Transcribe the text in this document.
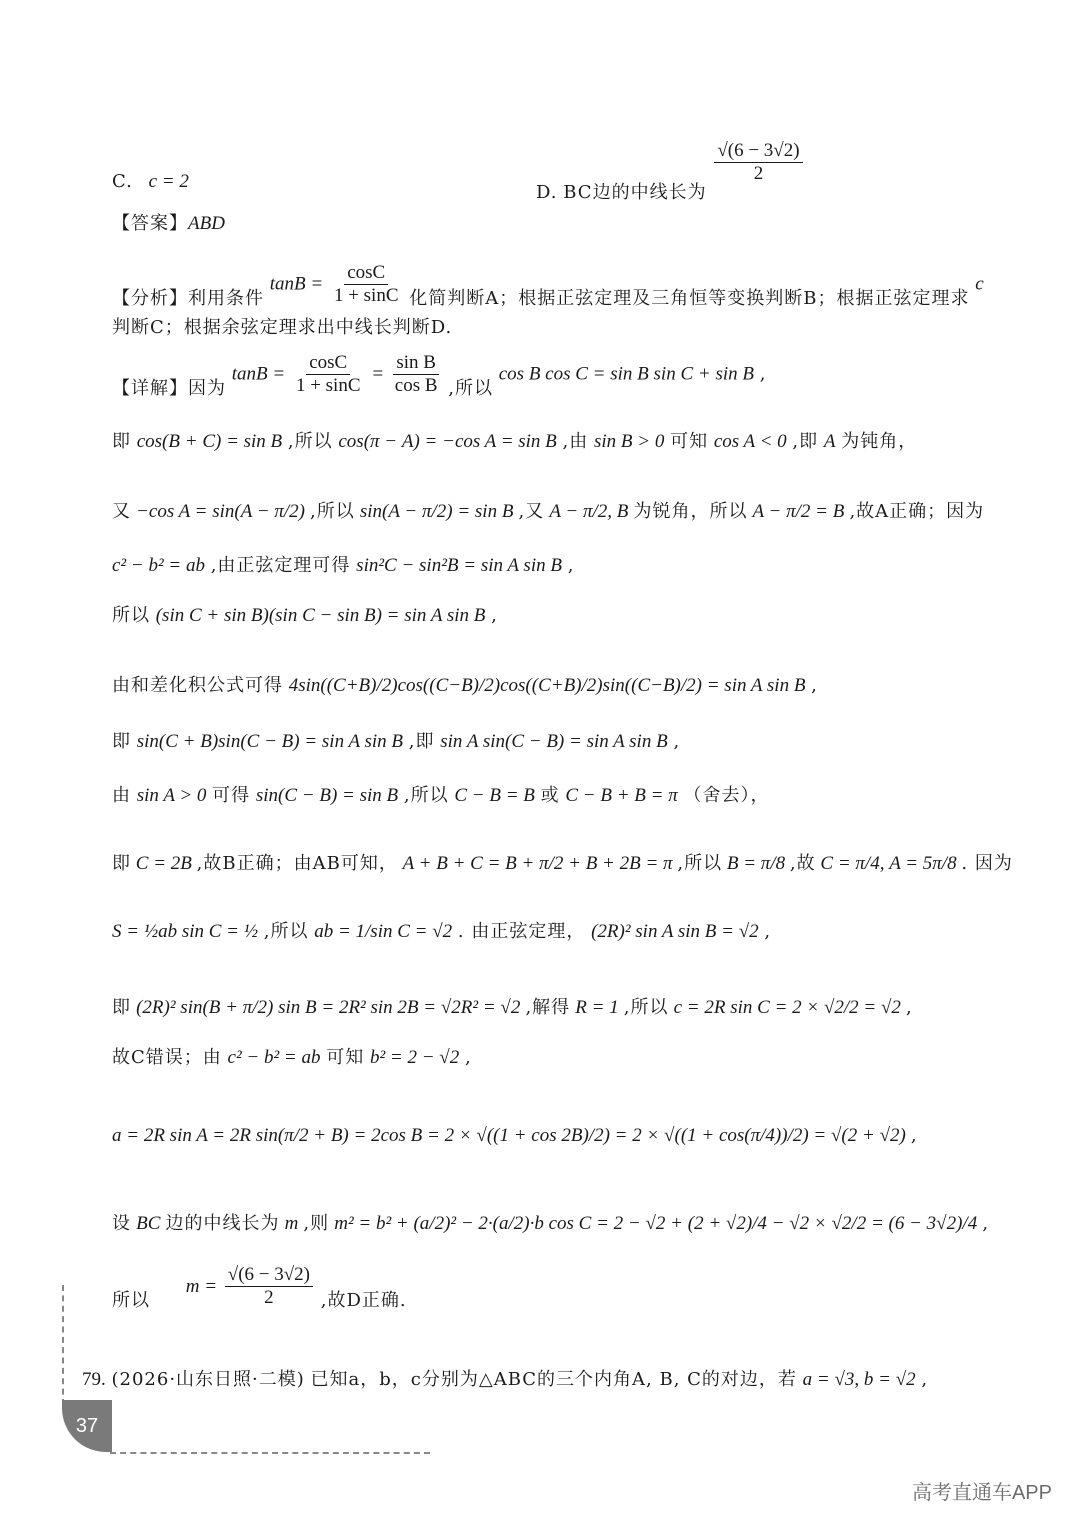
C. c = 2	D. BC边的中线长为
$\frac{√(6 - 3√2)}{2}$
【答案】ABD
【分析】利用条件 $\tan B = \frac{\cos C}{1 + \sin C}$ 化简判断A；根据正弦定理及三角恒等变换判断B；根据正弦定理求 c
判断C；根据余弦定理求出中线长判断D.
【详解】因为 $\tan B = \frac{\cos C}{1 + \sin C} = \frac{\text{sin B}}{\text{cos B}}$ ,所以 cos B cos C = sin B sin C + sin B ,
即 cos(B + C) = sin B ,所以 cos(π − A) = −cos A = sin B ,由 sin B > 0 可知 cos A < 0 ,即 A 为钝角，
又 −cos A = sin(A − π/2) ,所以 sin(A − π/2) = sin B ,又 A − π/2, B 为锐角，所以 A − π/2 = B ,故A正确；因为
c² − b² = ab ,由正弦定理可得 sin²C − sin²B = sin A sin B ,
所以 (sin C + sin B)(sin C − sin B) = sin A sin B ,
由和差化积公式可得 4sin((C+B)/2)cos((C−B)/2)cos((C+B)/2)sin((C−B)/2) = sin A sin B ,
即 sin(C + B)sin(C − B) = sin A sin B ,即 sin A sin(C − B) = sin A sin B ,
由 sin A > 0 可得 sin(C − B) = sin B ,所以 C − B = B 或 C − B + B = π （舍去），
即 C = 2B ,故B正确；由AB可知， A + B + C = B + π/2 + B + 2B = π ,所以 B = π/8 ,故 C = π/4, A = 5π/8 . 因为
S = ½ab sin C = ½ ,所以 ab = 1/sin C = √2 . 由正弦定理， (2R)² sin A sin B = √2 ,
即 (2R)² sin(B + π/2) sin B = 2R² sin 2B = √2R² = √2 ,解得 R = 1 ,所以 c = 2R sin C = 2 × √2/2 = √2 ,
故C错误；由 c² − b² = ab 可知 b² = 2 − √2 ,
a = 2R sin A = 2R sin(π/2 + B) = 2cos B = 2 × √((1 + cos 2B)/2) = 2 × √((1 + cos(π/4))/2) = √(2 + √2) ,
设 BC 边的中线长为 m ,则 m² = b² + (a/2)² − 2·(a/2)·b cos C = 2 − √2 + (2 + √2)/4 − √2 × √2/2 = (6 − 3√2)/4 ,
所以 $m = \frac{√(6 - 3√2)}{2}$ ,故D正确.
79. (2026·山东日照·二模) 已知a，b，c分别为△ABC的三个内角A, B, C的对边，若 a = √3, b = √2 ,
37
高考直通车APP
